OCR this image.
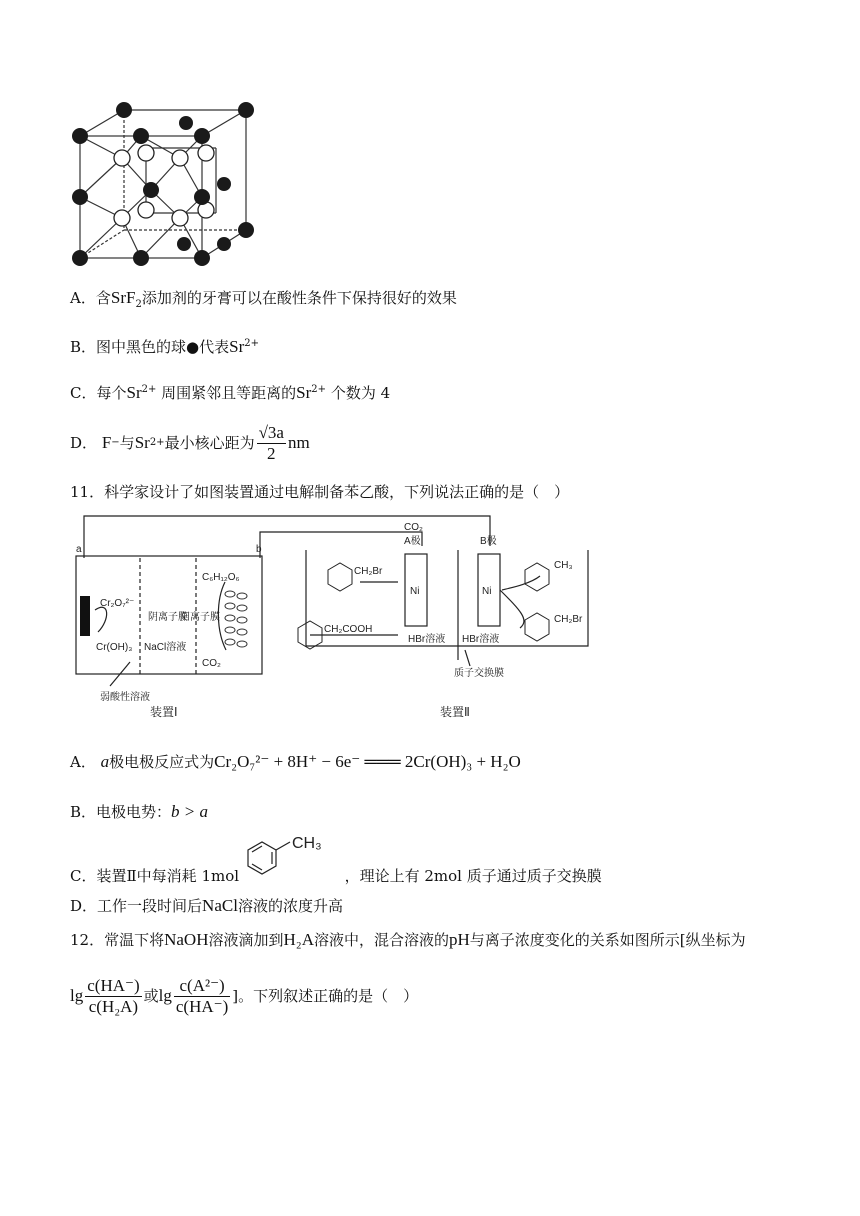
A．含SrF$_2$添加剂的牙膏可以在酸性条件下保持很好的效果
B．图中黑色的球●代表$Sr^{2+}$
C．每个$Sr^{2+}$ 周围紧邻且等距离的$Sr^{2+}$ 个数为 4
D．
F − 与 Sr 2+ 最小核心距为 $\frac{√3a}{2}$ nm
11．科学家设计了如图装置通过电解制备苯乙酸，下列说法正确的是（　）
a	b
Cr₂O₇²⁻
Cr(OH)₃
阴离子膜
阳离子膜
NaCl溶液
C₆H₁₂O₆
CO₂
弱酸性溶液
装置Ⅰ
CO₂
A极	B极
Ni	Ni
CH₂Br
CH₂COOH
HBr溶液 HBr溶液
CH₃
CH₂Br
质子交换膜
装置Ⅱ
A． a极电极反应式为Cr₂O₇²⁻ + 8H⁺ − 6e⁻ ═══ 2Cr(OH)₃ + H₂O
B．电极电势：b > a
C．装置Ⅱ中每消耗 1mol	，理论上有 2mol 质子通过质子交换膜
CH₃
D．工作一段时间后NaCl溶液的浓度升高
12．常温下将NaOH溶液滴加到H₂A溶液中，混合溶液的pH与离子浓度变化的关系如图所示[纵坐标为
$\lg \frac{c(HA^-)}{\text{c(H₂A)}}$ 或 $\lg \frac{\text{c(A²⁻)}}{c(HA^-)}$ ]。下列叙述正确的是（　）
